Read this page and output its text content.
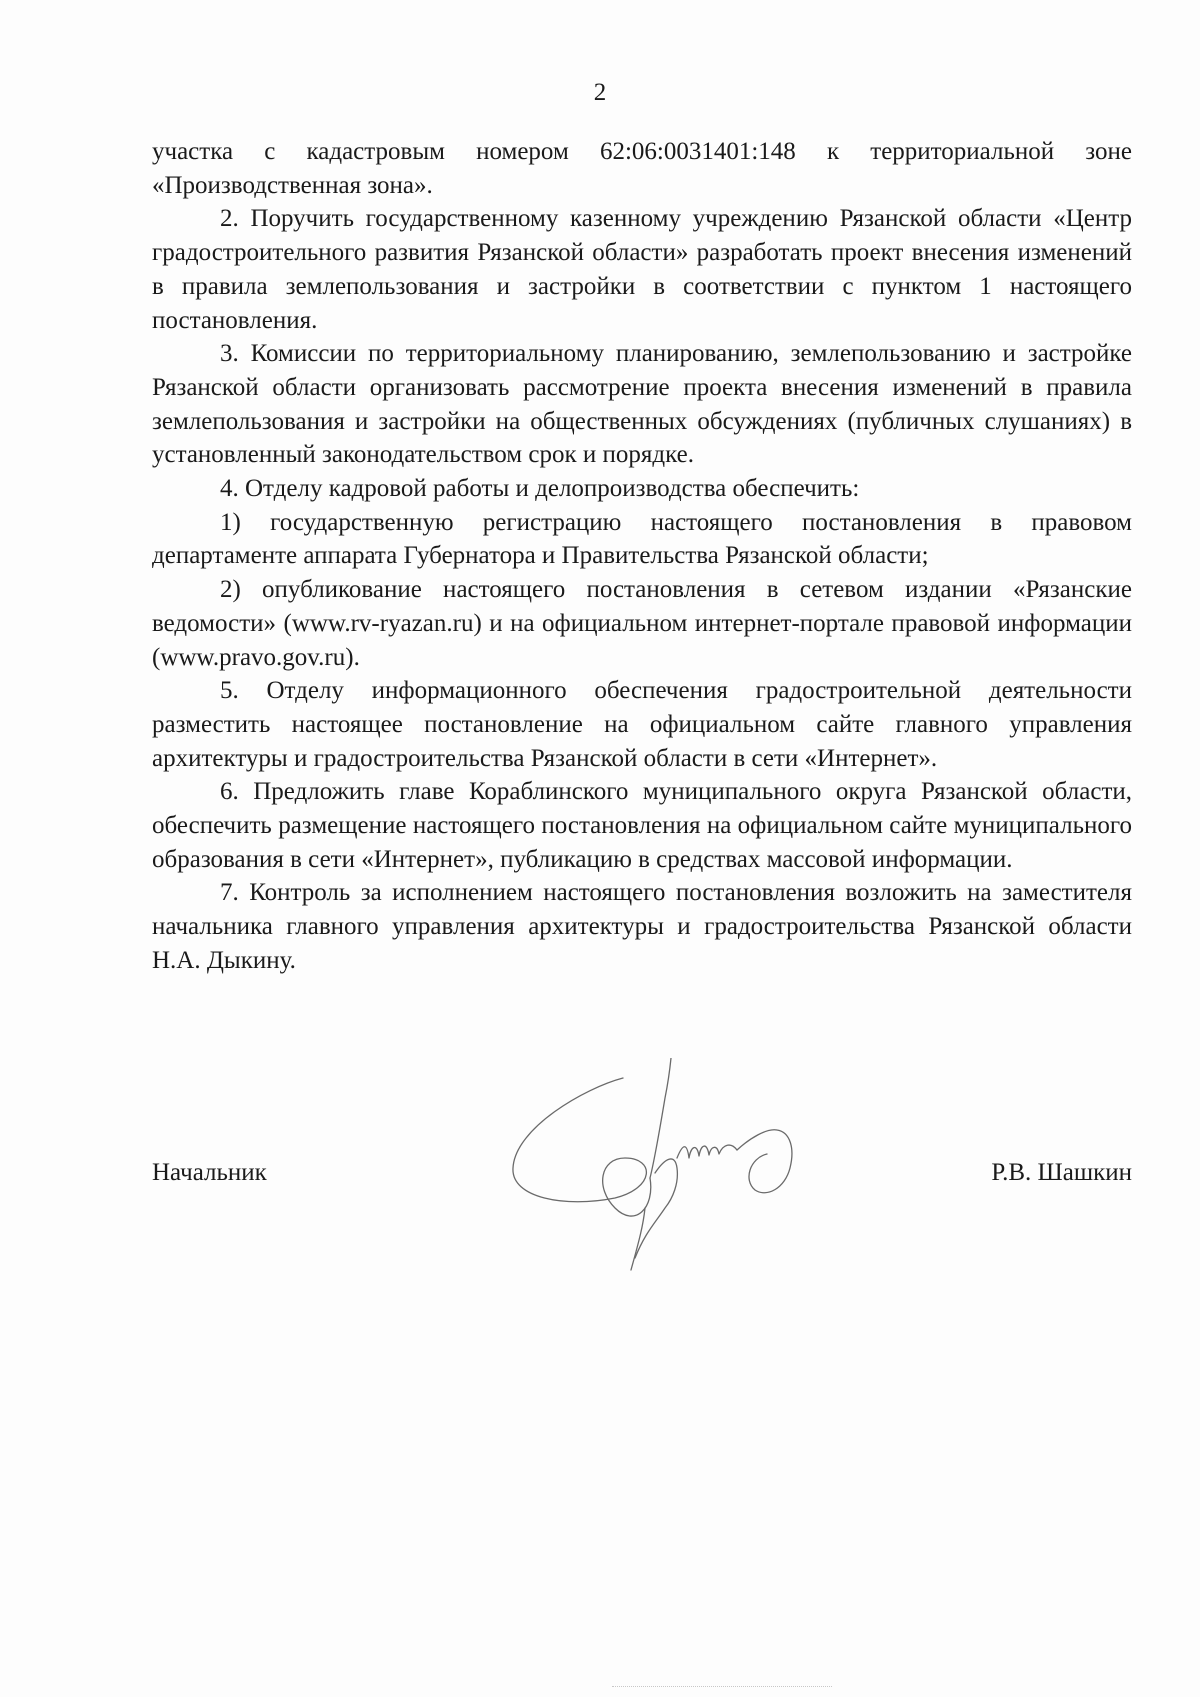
2

участка с кадастровым номером 62:06:0031401:148 к территориальной зоне «Производственная зона».

2. Поручить государственному казенному учреждению Рязанской области «Центр градостроительного развития Рязанской области» разработать проект внесения изменений в правила землепользования и застройки в соответствии с пунктом 1 настоящего постановления.

3. Комиссии по территориальному планированию, землепользованию и застройке Рязанской области организовать рассмотрение проекта внесения изменений в правила землепользования и застройки на общественных обсуждениях (публичных слушаниях) в установленный законодательством срок и порядке.

4. Отделу кадровой работы и делопроизводства обеспечить:

1) государственную регистрацию настоящего постановления в правовом департаменте аппарата Губернатора и Правительства Рязанской области;

2) опубликование настоящего постановления в сетевом издании «Рязанские ведомости» (www.rv-ryazan.ru) и на официальном интернет-портале правовой информации (www.pravo.gov.ru).

5. Отделу информационного обеспечения градостроительной деятельности разместить настоящее постановление на официальном сайте главного управления архитектуры и градостроительства Рязанской области в сети «Интернет».

6. Предложить главе Кораблинского муниципального округа Рязанской области, обеспечить размещение настоящего постановления на официальном сайте муниципального образования в сети «Интернет», публикацию в средствах массовой информации.

7. Контроль за исполнением настоящего постановления возложить на заместителя начальника главного управления архитектуры и градостроительства Рязанской области Н.А. Дыкину.

Начальник	Р.В. Шашкин
